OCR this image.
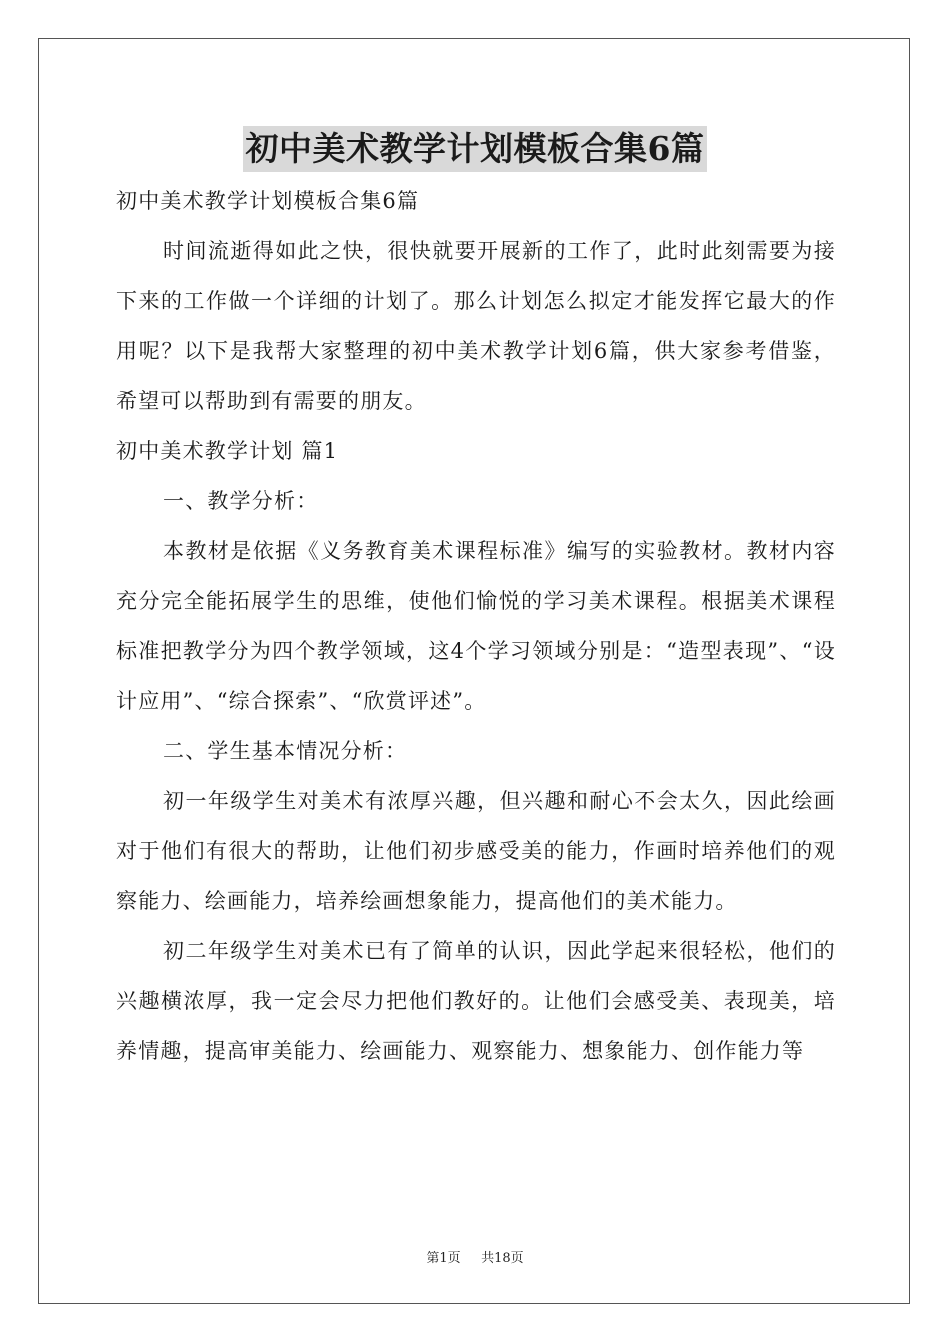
初中美术教学计划模板合集6篇

初中美术教学计划模板合集6篇

时间流逝得如此之快，很快就要开展新的工作了，此时此刻需要为接下来的工作做一个详细的计划了。那么计划怎么拟定才能发挥它最大的作用呢？以下是我帮大家整理的初中美术教学计划6篇，供大家参考借鉴，希望可以帮助到有需要的朋友。

初中美术教学计划 篇1

一、教学分析：

本教材是依据《义务教育美术课程标准》编写的实验教材。教材内容充分完全能拓展学生的思维，使他们愉悦的学习美术课程。根据美术课程标准把教学分为四个教学领域，这4个学习领域分别是：“造型表现”、“设计应用”、“综合探索”、“欣赏评述”。

二、学生基本情况分析：

初一年级学生对美术有浓厚兴趣，但兴趣和耐心不会太久，因此绘画对于他们有很大的帮助，让他们初步感受美的能力，作画时培养他们的观察能力、绘画能力，培养绘画想象能力，提高他们的美术能力。

初二年级学生对美术已有了简单的认识，因此学起来很轻松，他们的兴趣横浓厚，我一定会尽力把他们教好的。让他们会感受美、表现美，培养情趣，提高审美能力、绘画能力、观察能力、想象能力、创作能力等

第1页 共18页
